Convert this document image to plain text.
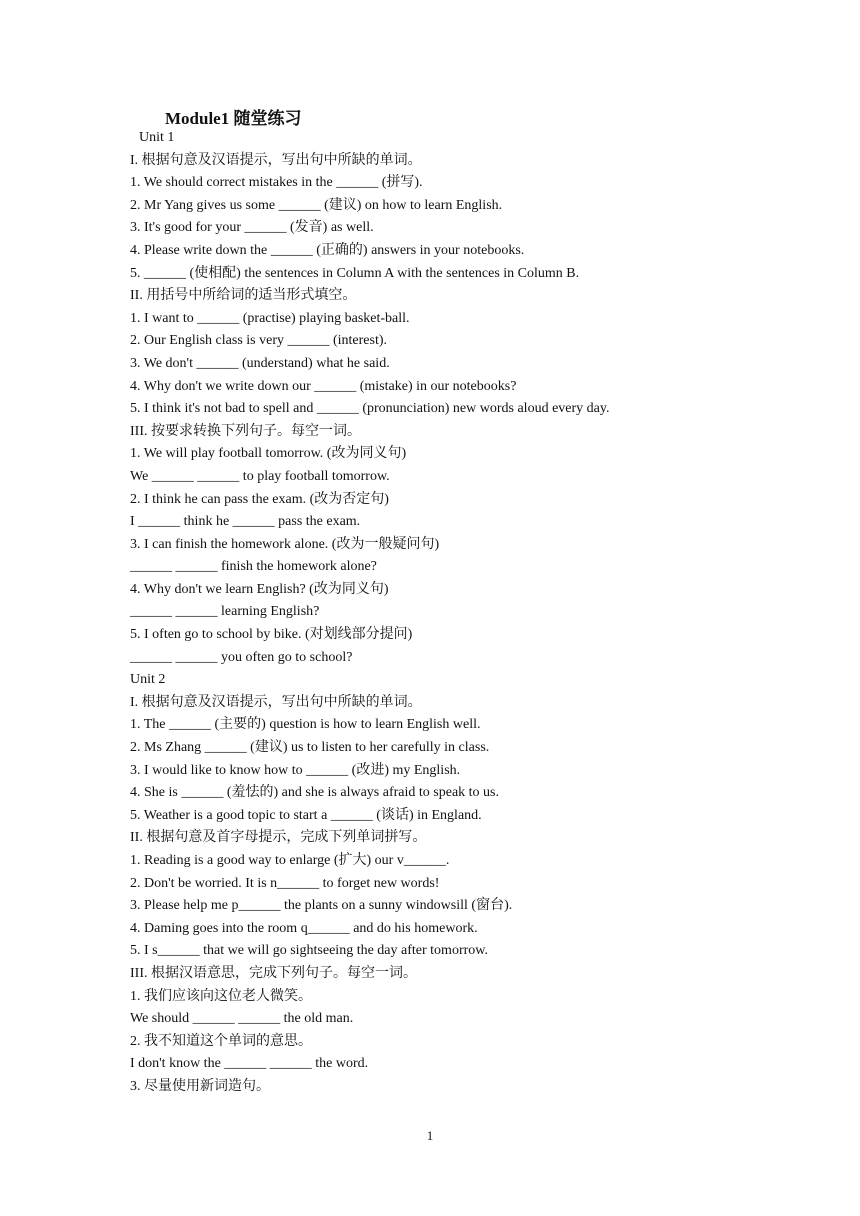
Module1 随堂练习
Unit 1
I. 根据句意及汉语提示，写出句中所缺的单词。
1. We should correct mistakes in the ______ (拼写).
2. Mr Yang gives us some ______ (建议) on how to learn English.
3. It's good for your ______ (发音) as well.
4. Please write down the ______ (正确的) answers in your notebooks.
5. ______ (使相配) the sentences in Column A with the sentences in Column B.
II. 用括号中所给词的适当形式填空。
1. I want to ______ (practise) playing basket-ball.
2. Our English class is very ______ (interest).
3. We don't ______ (understand) what he said.
4. Why don't we write down our ______ (mistake) in our notebooks?
5. I think it's not bad to spell and ______ (pronunciation) new words aloud every day.
III. 按要求转换下列句子。每空一词。
1. We will play football tomorrow. (改为同义句)
We ______ ______ to play football tomorrow.
2. I think he can pass the exam. (改为否定句)
I ______ think he ______ pass the exam.
3. I can finish the homework alone. (改为一般疑问句)
______ ______ finish the homework alone?
4. Why don't we learn English? (改为同义句)
______ ______ learning English?
5. I often go to school by bike. (对划线部分提问)
______ ______ you often go to school?
Unit 2
I. 根据句意及汉语提示，写出句中所缺的单词。
1. The ______ (主要的) question is how to learn English well.
2. Ms Zhang ______ (建议) us to listen to her carefully in class.
3. I would like to know how to ______ (改进) my English.
4. She is ______ (羞怯的) and she is always afraid to speak to us.
5. Weather is a good topic to start a ______ (谈话) in England.
II. 根据句意及首字母提示，完成下列单词拼写。
1. Reading is a good way to enlarge (扩大) our v______.
2. Don't be worried. It is n______ to forget new words!
3. Please help me p______ the plants on a sunny windowsill (窗台).
4. Daming goes into the room q______ and do his homework.
5. I s______ that we will go sightseeing the day after tomorrow.
III. 根据汉语意思，完成下列句子。每空一词。
1. 我们应该向这位老人微笑。
We should ______ ______ the old man.
2. 我不知道这个单词的意思。
I don't know the ______ ______ the word.
3. 尽量使用新词造句。
1
